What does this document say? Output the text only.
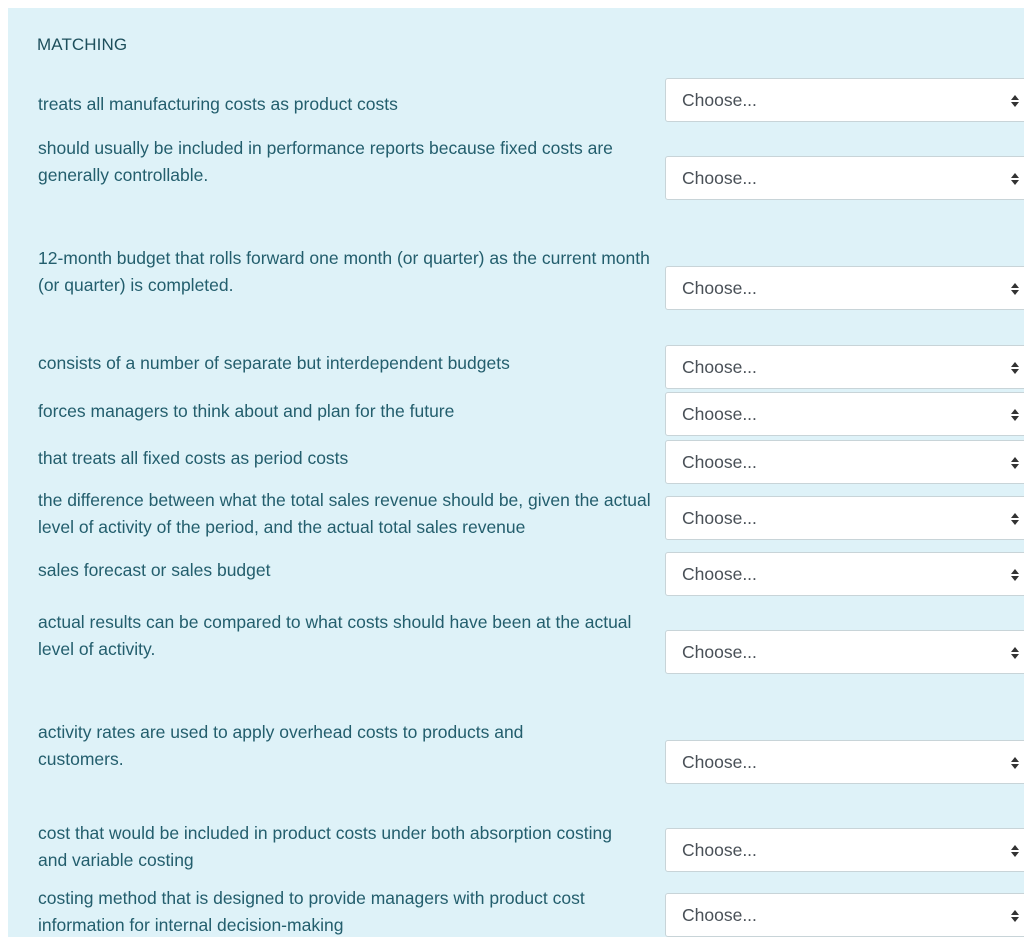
MATCHING
treats all manufacturing costs as product costs	Choose...
should usually be included in performance reports because fixed costs are generally controllable.	Choose...
12-month budget that rolls forward one month (or quarter) as the current month (or quarter) is completed.	Choose...
consists of a number of separate but interdependent budgets	Choose...
forces managers to think about and plan for the future	Choose...
that treats all fixed costs as period costs	Choose...
the difference between what the total sales revenue should be, given the actual level of activity of the period, and the actual total sales revenue	Choose...
sales forecast or sales budget	Choose...
actual results can be compared to what costs should have been at the actual level of activity.	Choose...
activity rates are used to apply overhead costs to products and customers.	Choose...
cost that would be included in product costs under both absorption costing and variable costing	Choose...
costing method that is designed to provide managers with product cost information for internal decision-making	Choose...
